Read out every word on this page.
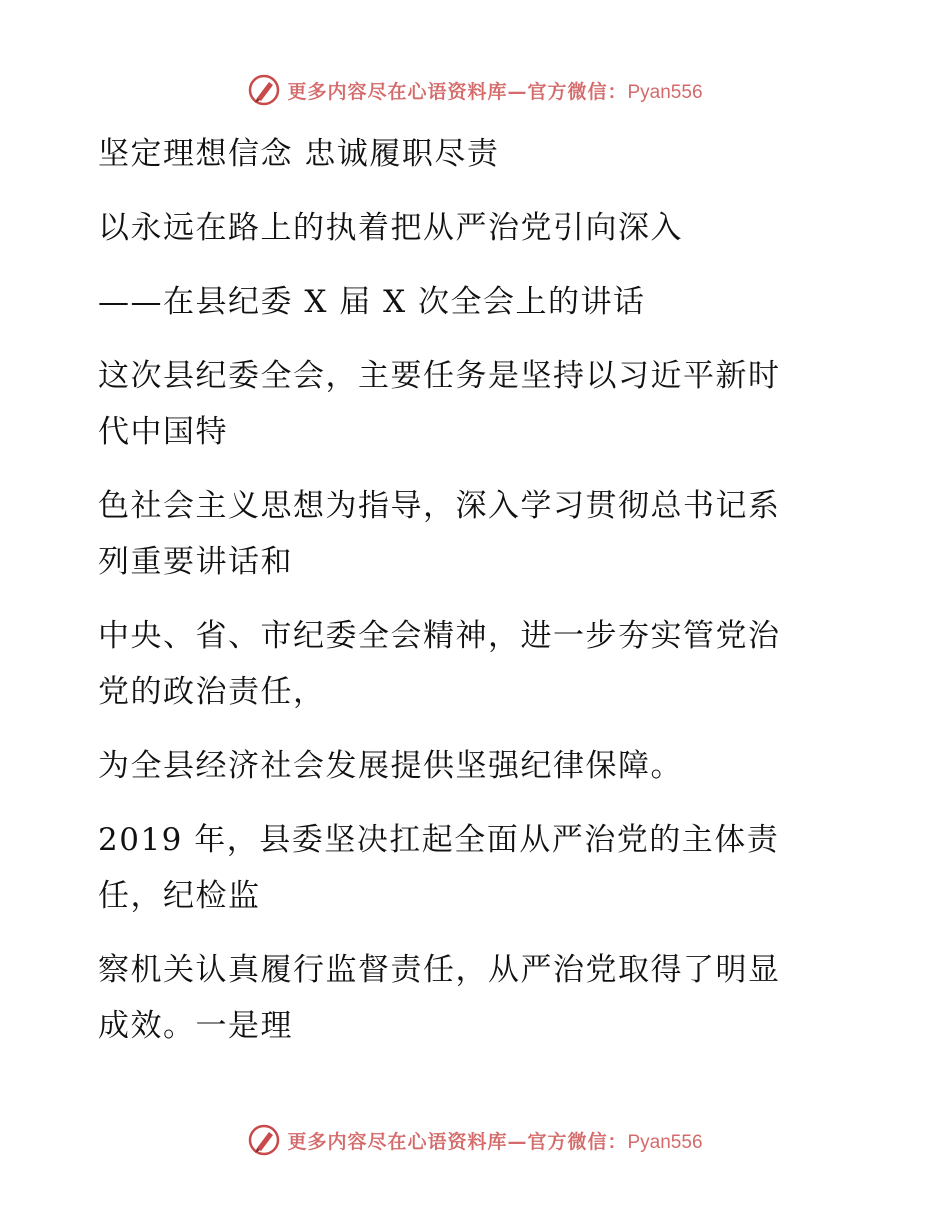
更多内容尽在心语资料库—官方微信：Pyan556
坚定理想信念 忠诚履职尽责
以永远在路上的执着把从严治党引向深入
——在县纪委 X 届 X 次全会上的讲话
这次县纪委全会，主要任务是坚持以习近平新时
代中国特
色社会主义思想为指导，深入学习贯彻总书记系
列重要讲话和
中央、省、市纪委全会精神，进一步夯实管党治
党的政治责任，
为全县经济社会发展提供坚强纪律保障。
2019 年，县委坚决扛起全面从严治党的主体责
任，纪检监
察机关认真履行监督责任，从严治党取得了明显
成效。一是理
更多内容尽在心语资料库—官方微信：Pyan556
